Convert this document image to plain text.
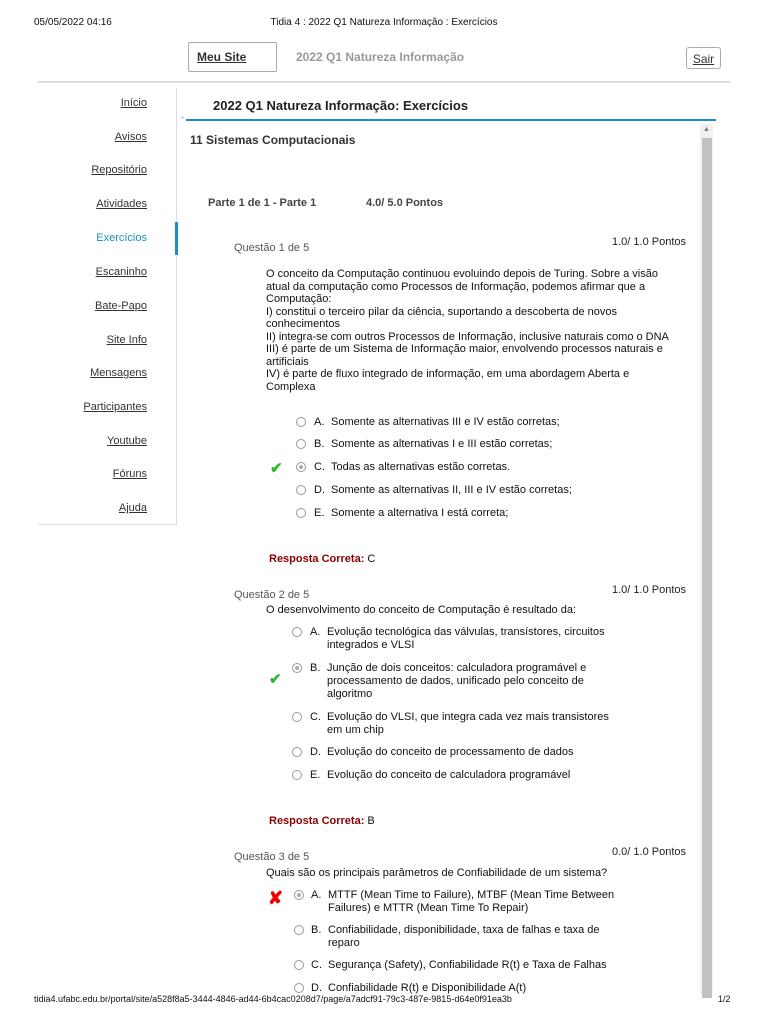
05/05/2022 04:16	Tidia 4 : 2022 Q1 Natureza Informação : Exercícios
Meu Site	2022 Q1 Natureza Informação	Sair
Início
Avisos
Repositório
Atividades
Exercícios
Escaninho
Bate-Papo
Site Info
Mensagens
Participantes
Youtube
Fóruns
Ajuda
2022 Q1 Natureza Informação: Exercícios
-
▲
11 Sistemas Computacionais
Parte 1 de 1 - Parte 1	4.0/ 5.0 Pontos
Questão 1 de 5	1.0/ 1.0 Pontos
O conceito da Computação continuou evoluindo depois de Turing. Sobre a visão
atual da computação como Processos de Informação, podemos afirmar que a
Computação:
I) constitui o terceiro pilar da ciência, suportando a descoberta de novos
conhecimentos
II) integra-se com outros Processos de Informação, inclusive naturais como o DNA
III) é parte de um Sistema de Informação maior, envolvendo processos naturais e
artificiais
IV) é parte de fluxo integrado de informação, em uma abordagem Aberta e
Complexa
A. Somente as alternativas III e IV estão corretas;
B. Somente as alternativas I e III estão corretas;
C. Todas as alternativas estão corretas.
✔
D. Somente as alternativas II, III e IV estão corretas;
E. Somente a alternativa I está correta;
Resposta Correta: C
Questão 2 de 5	1.0/ 1.0 Pontos
O desenvolvimento do conceito de Computação é resultado da:
A. Evolução tecnológica das válvulas, transístores, circuitos
integrados e VLSI
B. Junção de dois conceitos: calculadora programável e
processamento de dados, unificado pelo conceito de
algoritmo
✔
C. Evolução do VLSI, que integra cada vez mais transistores
em um chip
D. Evolução do conceito de processamento de dados
E. Evolução do conceito de calculadora programável
Resposta Correta: B
Questão 3 de 5	0.0/ 1.0 Pontos
Quais são os principais parâmetros de Confiabilidade de um sistema?
A. MTTF (Mean Time to Failure), MTBF (Mean Time Between
Failures) e MTTR (Mean Time To Repair)
✘
B. Confiabilidade, disponibilidade, taxa de falhas e taxa de
reparo
C. Segurança (Safety), Confiabilidade R(t) e Taxa de Falhas
D. Confiabilidade R(t) e Disponibilidade A(t)
tidia4.ufabc.edu.br/portal/site/a528f8a5-3444-4846-ad44-6b4cac0208d7/page/a7adcf91-79c3-487e-9815-d64e0f91ea3b	1/2
